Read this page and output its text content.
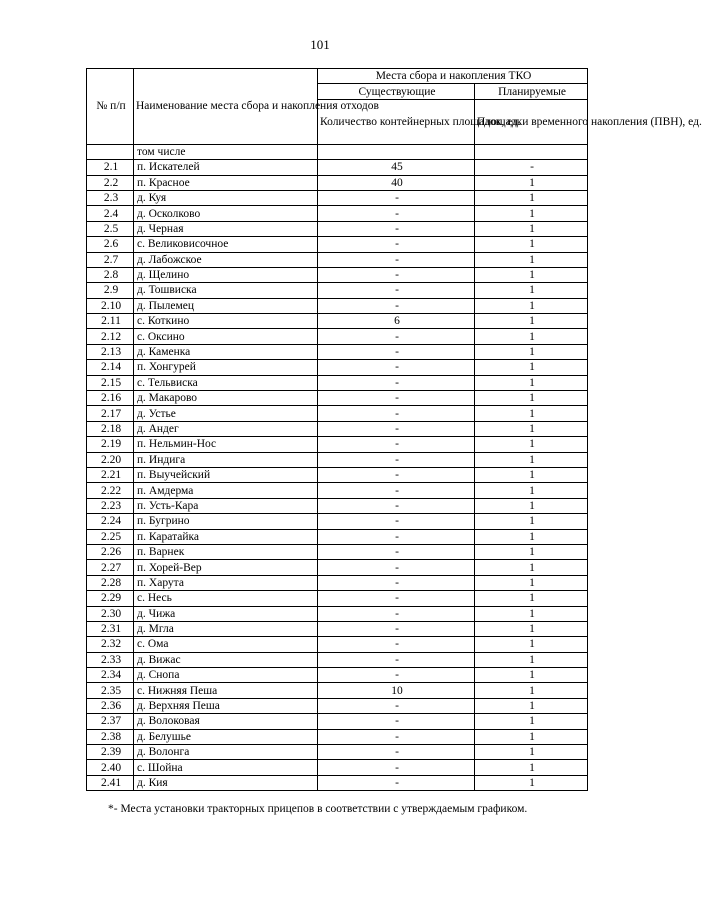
101
№ п/п	Наименование места сбора и накопления отходов	Места сбора и накопления ТКО	
		Существующие	Планируемые
		Количество контейнерных площадок, ед.	Площадки временного накопления (ПВН), ед.
	том числе		
2.1	п. Искателей	45	-
2.2	п. Красное	40	1
2.3	д. Куя	-	1
2.4	д. Осколково	-	1
2.5	д. Черная	-	1
2.6	с. Великовисочное	-	1
2.7	д. Лабожское	-	1
2.8	д. Щелино	-	1
2.9	д. Тошвиска	-	1
2.10	д. Пылемец	-	1
2.11	с. Коткино	6	1
2.12	с. Оксино	-	1
2.13	д. Каменка	-	1
2.14	п. Хонгурей	-	1
2.15	с. Тельвиска	-	1
2.16	д. Макарово	-	1
2.17	д. Устье	-	1
2.18	д. Андег	-	1
2.19	п. Нельмин-Нос	-	1
2.20	п. Индига	-	1
2.21	п. Выучейский	-	1
2.22	п. Амдерма	-	1
2.23	п. Усть-Кара	-	1
2.24	п. Бугрино	-	1
2.25	п. Каратайка	-	1
2.26	п. Варнек	-	1
2.27	п. Хорей-Вер	-	1
2.28	п. Харута	-	1
2.29	с. Несь	-	1
2.30	д. Чижа	-	1
2.31	д. Мгла	-	1
2.32	с. Ома	-	1
2.33	д. Вижас	-	1
2.34	д. Снопа	-	1
2.35	с. Нижняя Пеша	10	1
2.36	д. Верхняя Пеша	-	1
2.37	д. Волоковая	-	1
2.38	д. Белушье	-	1
2.39	д. Волонга	-	1
2.40	с. Шойна	-	1
2.41	д. Кия	-	1
*- Места установки тракторных прицепов в соответствии с утверждаемым графиком.
